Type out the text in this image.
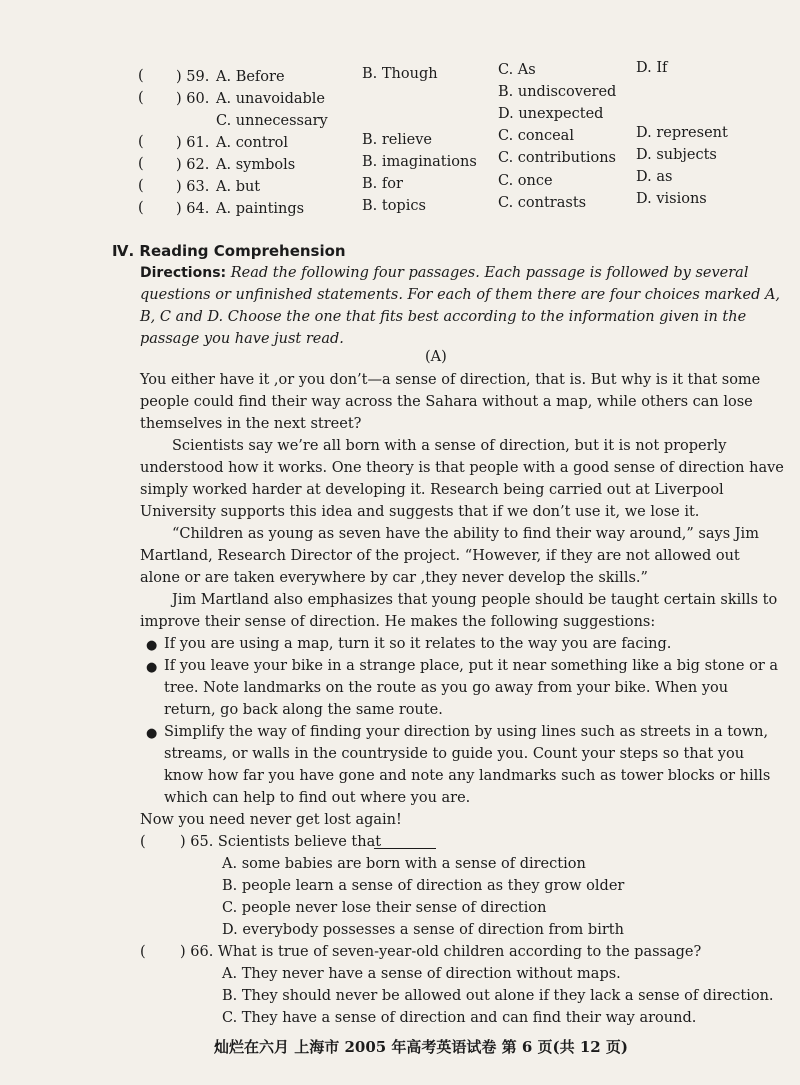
( ) 59. A. Before	B. Though	C. As	D. If
( ) 60. A. unavoidable	B. undiscovered
C. unnecessary	D. unexpected
( ) 61. A. control	B. relieve	C. conceal	D. represent
( ) 62. A. symbols	B. imaginations C. contributions D. subjects
( ) 63. A. but	B. for	C. once	D. as
( ) 64. A. paintings	B. topics	C. contrasts	D. visions
Ⅳ. Reading Comprehension
Directions: Read the following four passages. Each passage is followed by several
questions or unfinished statements. For each of them there are four choices marked A,
B, C and D. Choose the one that fits best according to the information given in the
passage you have just read.
(A)
You either have it ,or you don’t—a sense of direction, that is. But why is it that some
people could find their way across the Sahara without a map, while others can lose
themselves in the next street?
Scientists say we’re all born with a sense of direction, but it is not properly
understood how it works. One theory is that people with a good sense of direction have
simply worked harder at developing it. Research being carried out at Liverpool
University supports this idea and suggests that if we don’t use it, we lose it.
“Children as young as seven have the ability to find their way around,” says Jim
Martland, Research Director of the project. “However, if they are not allowed out
alone or are taken everywhere by car ,they never develop the skills.”
Jim Martland also emphasizes that young people should be taught certain skills to
improve their sense of direction. He makes the following suggestions:
● If you are using a map, turn it so it relates to the way you are facing.
● If you leave your bike in a strange place, put it near something like a big stone or a
tree. Note landmarks on the route as you go away from your bike. When you
return, go back along the same route.
● Simplify the way of finding your direction by using lines such as streets in a town,
streams, or walls in the countryside to guide you. Count your steps so that you
know how far you have gone and note any landmarks such as tower blocks or hills
which can help to find out where you are.
Now you need never get lost again!
( ) 65. Scientists believe that
A. some babies are born with a sense of direction
B. people learn a sense of direction as they grow older
C. people never lose their sense of direction
D. everybody possesses a sense of direction from birth
( ) 66. What is true of seven-year-old children according to the passage?
A. They never have a sense of direction without maps.
B. They should never be allowed out alone if they lack a sense of direction.
C. They have a sense of direction and can find their way around.
灿烂在六月 上海市 2005 年高考英语试卷 第 6 页(共 12 页)
